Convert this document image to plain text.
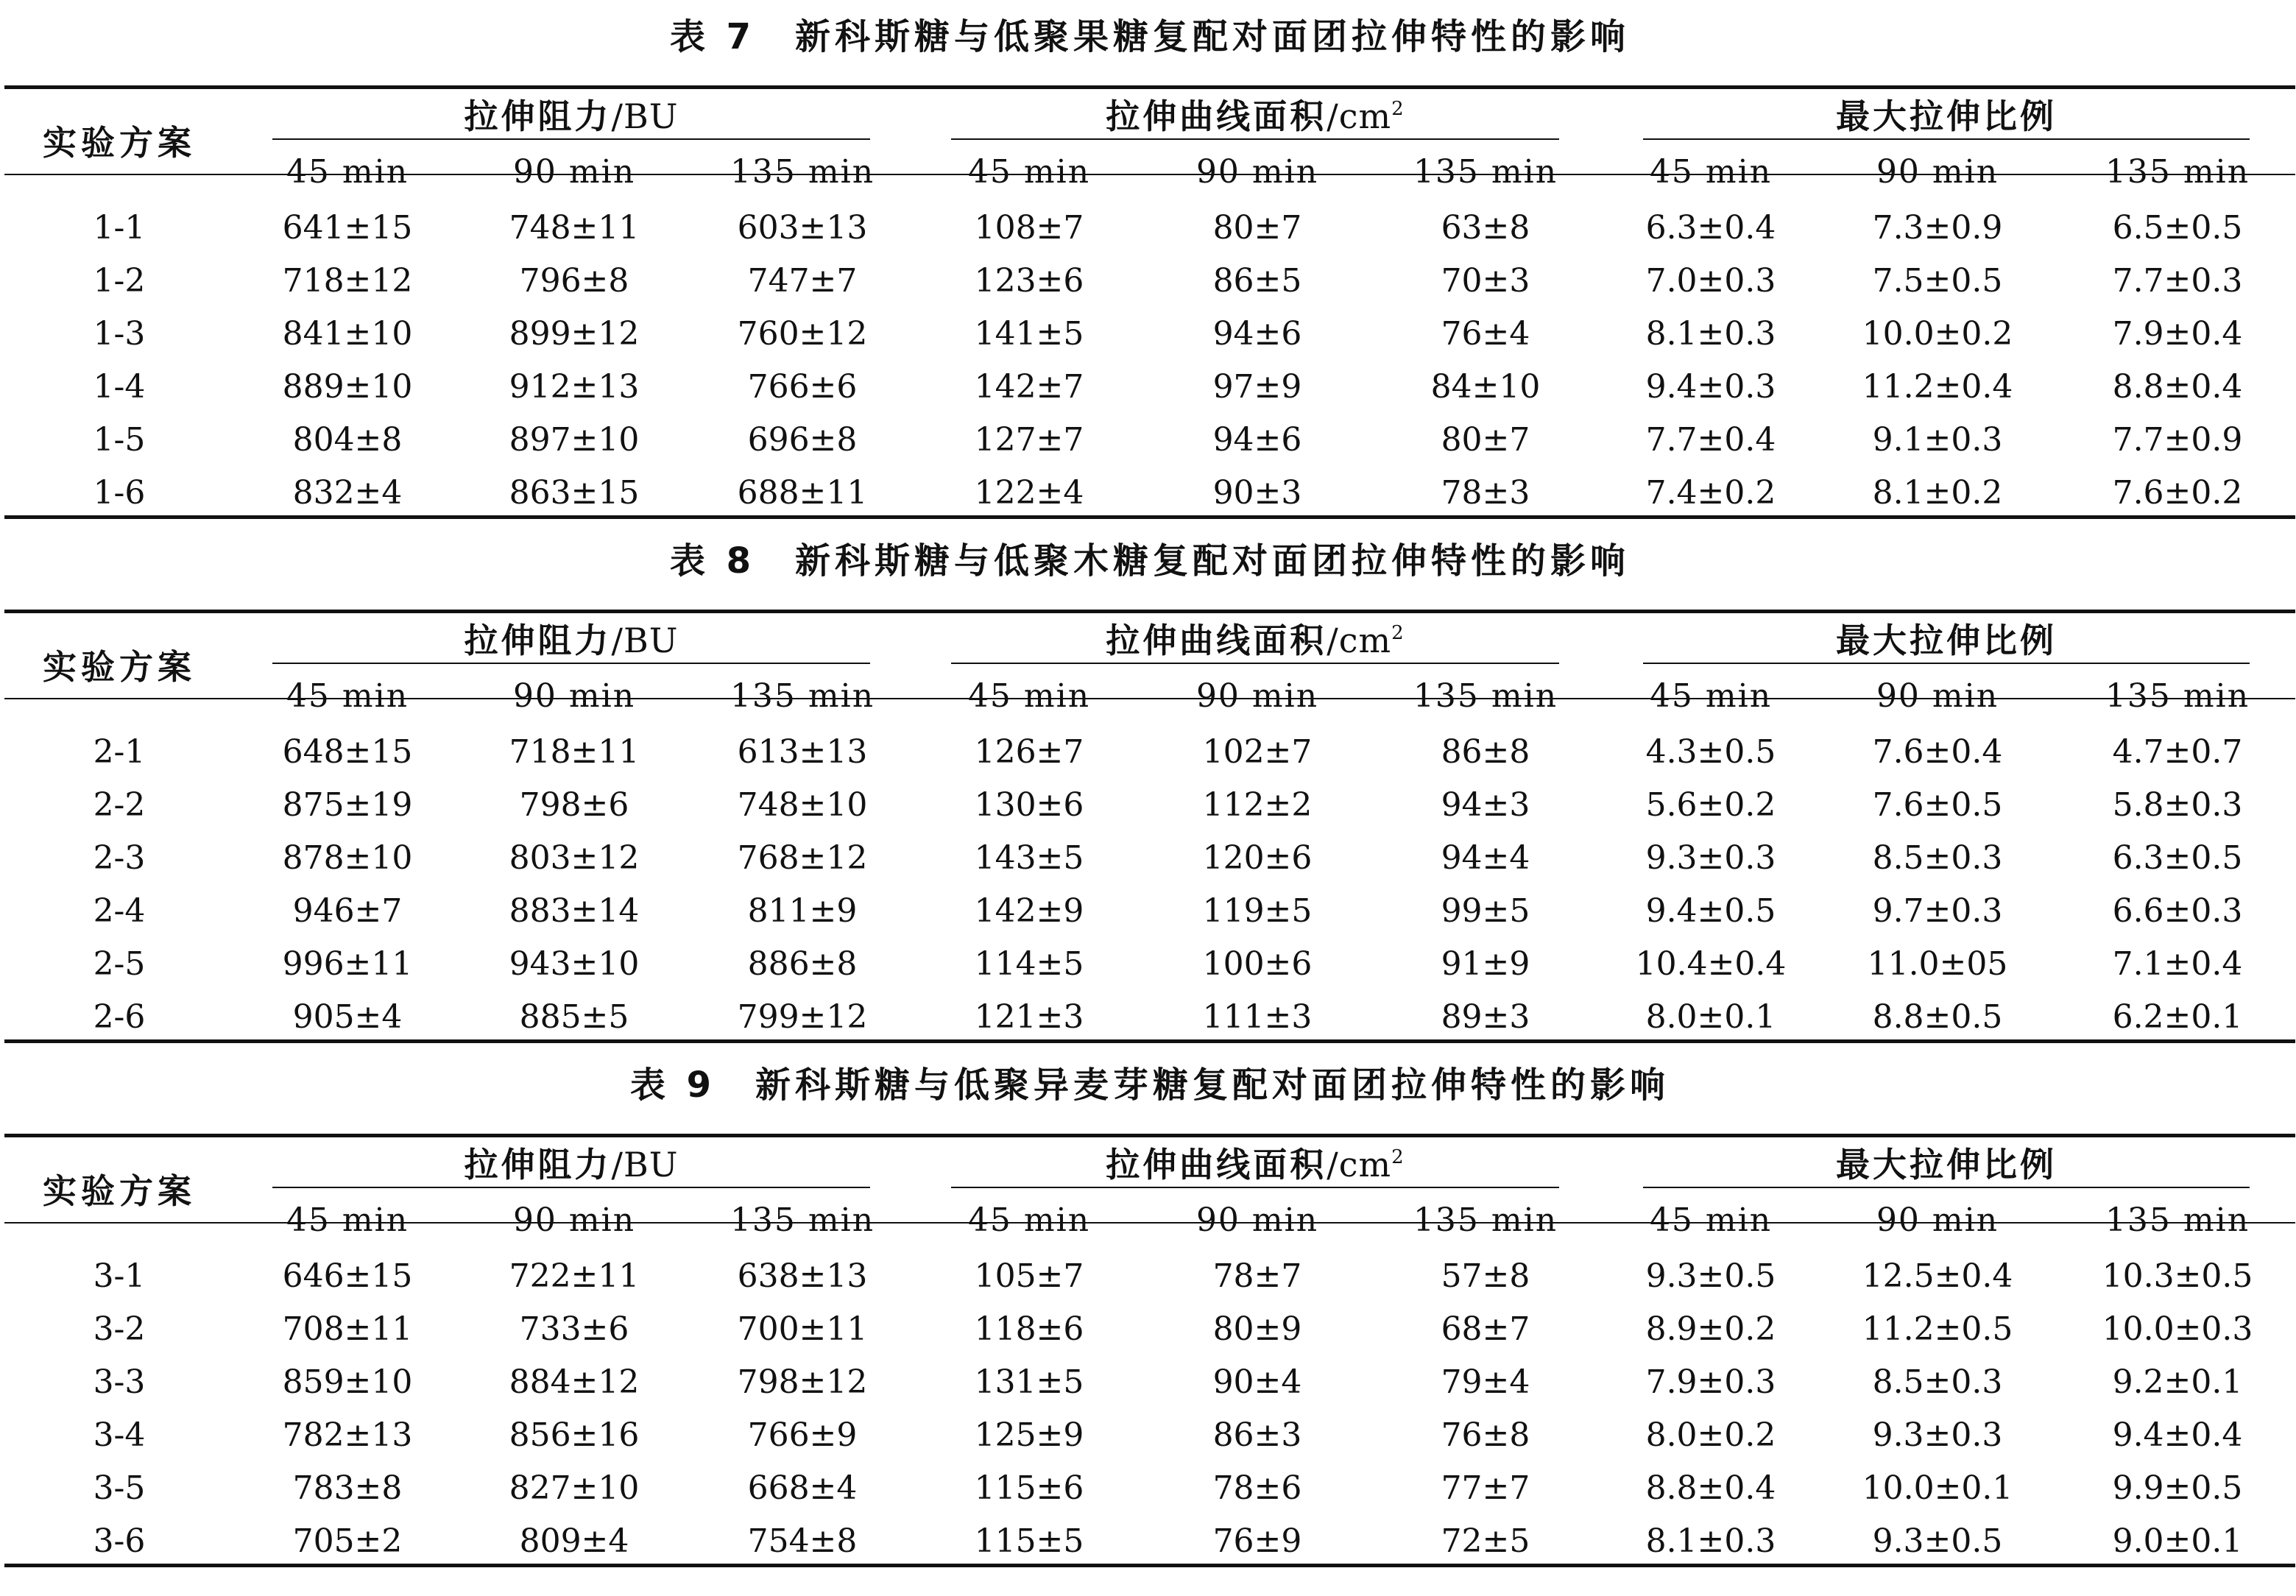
表 7　新科斯糖与低聚果糖复配对面团拉伸特性的影响
实验方案
拉伸阻力/BU	拉伸曲线面积$/cm^2$	最大拉伸比例
45 min	90 min	135 min	45 min	90 min	135 min	45 min	90 min	135 min
1-1	641±15	748±11	603±13	108±7	80±7	63±8	6.3±0.4	7.3±0.9	6.5±0.5
1-2	718±12	796±8	747±7	123±6	86±5	70±3	7.0±0.3	7.5±0.5	7.7±0.3
1-3	841±10	899±12	760±12	141±5	94±6	76±4	8.1±0.3	10.0±0.2	7.9±0.4
1-4	889±10	912±13	766±6	142±7	97±9	84±10	9.4±0.3	11.2±0.4	8.8±0.4
1-5	804±8	897±10	696±8	127±7	94±6	80±7	7.7±0.4	9.1±0.3	7.7±0.9
1-6	832±4	863±15	688±11	122±4	90±3	78±3	7.4±0.2	8.1±0.2	7.6±0.2
表 8　新科斯糖与低聚木糖复配对面团拉伸特性的影响
实验方案
拉伸阻力/BU	拉伸曲线面积$/cm^2$	最大拉伸比例
45 min	90 min	135 min	45 min	90 min	135 min	45 min	90 min	135 min
2-1	648±15	718±11	613±13	126±7	102±7	86±8	4.3±0.5	7.6±0.4	4.7±0.7
2-2	875±19	798±6	748±10	130±6	112±2	94±3	5.6±0.2	7.6±0.5	5.8±0.3
2-3	878±10	803±12	768±12	143±5	120±6	94±4	9.3±0.3	8.5±0.3	6.3±0.5
2-4	946±7	883±14	811±9	142±9	119±5	99±5	9.4±0.5	9.7±0.3	6.6±0.3
2-5	996±11	943±10	886±8	114±5	100±6	91±9	10.4±0.4	11.0±05	7.1±0.4
2-6	905±4	885±5	799±12	121±3	111±3	89±3	8.0±0.1	8.8±0.5	6.2±0.1
表 9　新科斯糖与低聚异麦芽糖复配对面团拉伸特性的影响
实验方案
拉伸阻力/BU	拉伸曲线面积$/cm^2$	最大拉伸比例
45 min	90 min	135 min	45 min	90 min	135 min	45 min	90 min	135 min
3-1	646±15	722±11	638±13	105±7	78±7	57±8	9.3±0.5	12.5±0.4	10.3±0.5
3-2	708±11	733±6	700±11	118±6	80±9	68±7	8.9±0.2	11.2±0.5	10.0±0.3
3-3	859±10	884±12	798±12	131±5	90±4	79±4	7.9±0.3	8.5±0.3	9.2±0.1
3-4	782±13	856±16	766±9	125±9	86±3	76±8	8.0±0.2	9.3±0.3	9.4±0.4
3-5	783±8	827±10	668±4	115±6	78±6	77±7	8.8±0.4	10.0±0.1	9.9±0.5
3-6	705±2	809±4	754±8	115±5	76±9	72±5	8.1±0.3	9.3±0.5	9.0±0.1
